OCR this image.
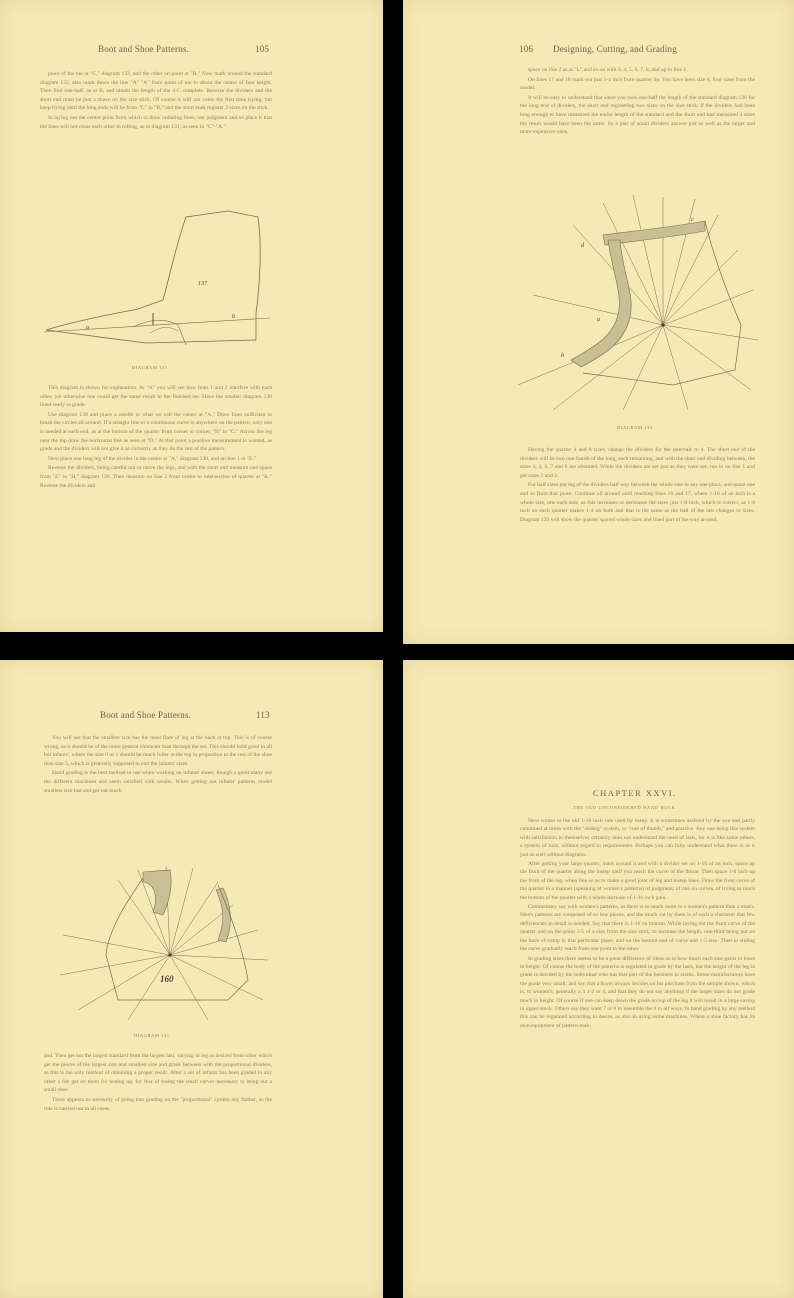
Boot and Shoe Patterns.	105

point of the toe at "C," diagram 132, and the other on point at "B." Now mark around the standard diagram 132, also mark down the line "A" "A" from point of toe to about the centre of foot height. Then find one-half, as at B, and obtain the length of the 4-C complete. Reverse the dividers and the short end must be just a shave on the size stick. Of course it will not come the first time trying; but keep trying until the long ends will be from "C" to "B," and the short ends register 2 sizes on the stick.

In laying out the centre point from which to draw radiating lines, use judgment and so place it that the lines will not cross each other in rolling, as in diagram 131, as seen in "C"-"A."

137
a
b
DIAGRAM 131.

This diagram is shown for explanation. At "A" you will see how lines 1 and 2 interfere with each other, yet otherwise one could get the same result in the finished set. Have the smaller diagram 130 lined ready to grade.

Use diagram 130 and place a needle in what we call the centre at "A." Draw lines sufficient to break the circles all around. If a straight line or a continuous curve is anywhere on the pattern, only one is needed at each end, as at the bottom of the quarter from corner to corner, "B" to "C." Across the leg near the top draw the horizontal line as seen at "D." At that point a positive measurement is wanted, as grade and the dividers will not give it as correctly as they do the rest of the pattern.

Next place one long leg of the divider in the centre at "A," diagram 130, and on line 1 at "E."

Reverse the dividers, being careful not to move the legs, and with the short end measure one space from "E" to "H," diagram 130. Then measure on line 2 from centre to intersection of quarter at "K." Reverse the dividers and

106 Designing, Cutting, and Grading

space on line 2 as at "L" and so on with 3, 4, 5, 6, 7, 8, and up to line 1.

On lines 17 and 18 mark out just 1-4 inch from quarter lip. You have been size 8, four sizes from the model.

It will be easy to understand that since you took one-half the length of the standard diagram 130 for the long end of dividers, the short end registering two sizes on the size stick, if the dividers had been long enough to have measured the entire length of the standard and the short end had measured 4 sizes the result would have been the same. So a pair of small dividers answer just as well as the larger and more expensive ones.

c
d
a
b
DIAGRAM 132.

Having the quarter 4 and 8 sizes, change the dividers for the intervals to 4. The short end of the dividers will be two one-fourth of the long, each remaining, and with the short end dividing between, the sizes 4, 4, 6, 7 and 8 are obtained. While the dividers are set just as they were set, run in on line 1 and get sizes 3 and 2.

For half sizes put leg of the dividers half way between the whole size in any one place, and space one and so from that point. Continue all around until reaching lines 16 and 17, where 1-16 of an inch is a whole size, one each side, as this increases or decreases the sizes just 1-8 inch, which is correct, as 1-8 inch on each quarter makes 1-4 on both and that is the same as the ball of the last changes in sizes. Diagram 133 will show the quarter spaced whole sizes and lined part of the way around.

Boot and Shoe Patterns.	113

You will see that the smallest size has the most flare of leg at the back at top. This is of course wrong, as it should be of the more general character than through the set. This should hold good in all but infants', where the size 0 or 1 should be much fuller at the top in proportion to the rest of the shoe than size 5, which is generally supposed to end the infants' sizes.

Hand grading is the best method to use when working on infants' shoes, though a good many use the different machines and seem satisfied with results. When getting out infants' patterns model smallest size last and get out much

160
DIAGRAM 141.

and. Then get out the largest standard from the largest last, varying in leg as desired from other which get the pieces of the largest size and smallest size and grade between with the proportional dividers, as this is the only method of obtaining a proper result. After a set of infants has been graded in any other a file get on them for testing up, for fear of losing the small curves necessary to bring out a small shoe.

There appears no necessity of going into grading on the "proportional" system any farther, as the rule is carried out in all cases.

CHAPTER XXVI.
THE OLD UNCONSIDERED HAND RULE.

Next comes to the old 1-16 inch rule used by many. It is sometimes assisted by the eye and partly combined at times with the "sliding" system, or "rule of thumb," and practice. Any one using this system with satisfaction to themselves certainly does not understand the need of lasts, for it is like some others, a system of luck, without regard to requirements. Perhaps you can fully understand what there is as it just as well without diagrams.

After getting your large quarter, mark around it and with a divider set on 1-16 of an inch, space up the front of the quarter along the instep until you reach the curve of the throat. Then space 1-8 inch up the front of the leg, when line so as to make a good joint of leg and instep lines. Draw the front curve of the quarter in a manner (speaking of women's patterns) of judgment, of one on curves, of trying to reach the bottom of the quarter with a whole increase of 1-16 inch gain.

Commentary say with women's patterns, as there is so much more to a women's pattern than a man's. Men's patterns are composed of so few pieces, and the much cut by there is of such a character that few deficiencies in detail is needed. Say that there is 1-16 on bottom. While laying out the front curve of the quarter add on the point 1-5 of a size from the size stick, to increase the length, one-third being put on the back of vamp in that particular place, and on the bottom end of curve add 1-5 size. Then in sliding the curve gradually reach from one point to the other.

In grading sizes there seems to be a great difference of ideas as to how much each size gains or loses in height. Of course the body of the patterns is regulated in grade by the lasts, but the height of the leg in grade is decided by the individual who has that part of the business in sixths. Some manufacturers have the grade very small, and say that a buyer always decides on his purchase from the sample shown, which is, in women's, generally a 3 1-2 or 4, and that they do not say anything if the larger sizes do not grade much in height. Of course if one can keep down the grade on top of the leg it will result in a large saving in upper stock. Others say they want 7 or 8 to resemble the 4 in all ways. In hand grading by any method this can be regulated according to desire, as also in using some machines. Where a shoe factory has its own equipment of pattern-mak-
